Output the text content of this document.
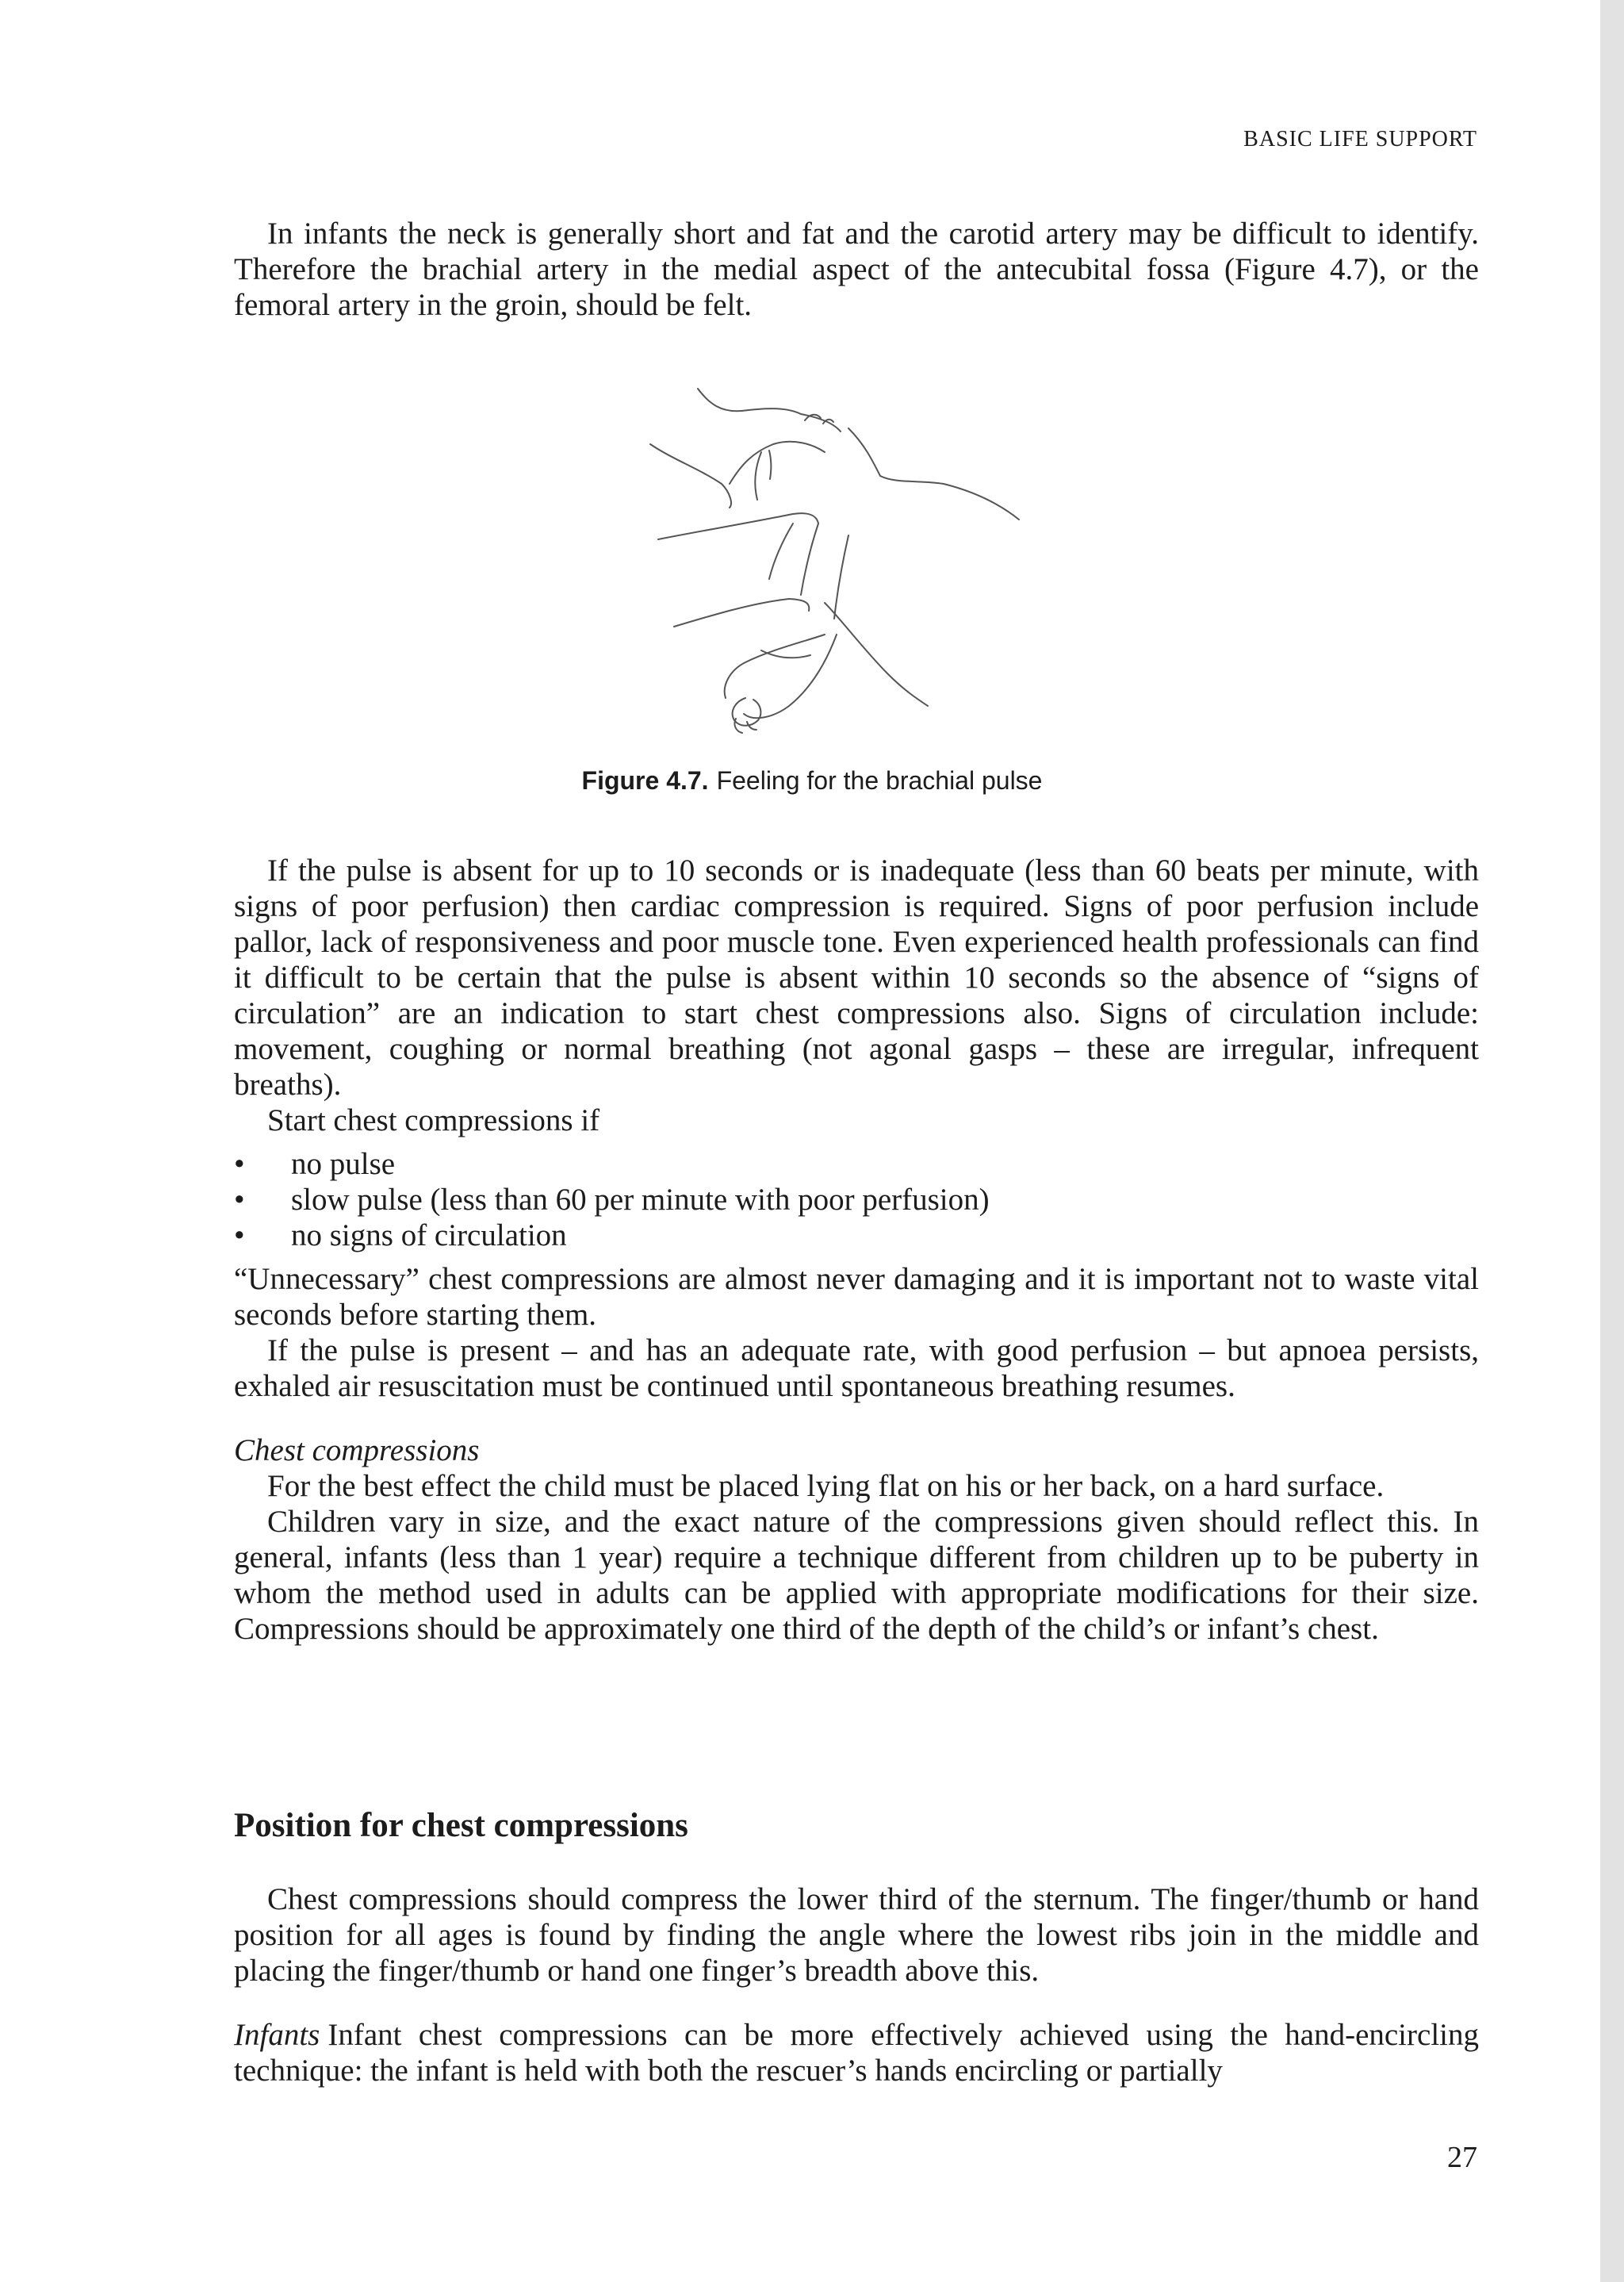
BASIC LIFE SUPPORT

In infants the neck is generally short and fat and the carotid artery may be difficult to identify. Therefore the brachial artery in the medial aspect of the antecubital fossa (Figure 4.7), or the femoral artery in the groin, should be felt.

Figure 4.7. Feeling for the brachial pulse

If the pulse is absent for up to 10 seconds or is inadequate (less than 60 beats per minute, with signs of poor perfusion) then cardiac compression is required. Signs of poor perfusion include pallor, lack of responsiveness and poor muscle tone. Even experienced health professionals can find it difficult to be certain that the pulse is absent within 10 seconds so the absence of “signs of circulation” are an indication to start chest compressions also. Signs of circulation include: movement, coughing or normal breathing (not agonal gasps – these are irregular, infrequent breaths).

Start chest compressions if

• no pulse
• slow pulse (less than 60 per minute with poor perfusion)
• no signs of circulation

“Unnecessary” chest compressions are almost never damaging and it is important not to waste vital seconds before starting them.

If the pulse is present – and has an adequate rate, with good perfusion – but apnoea persists, exhaled air resuscitation must be continued until spontaneous breathing resumes.

Chest compressions

For the best effect the child must be placed lying flat on his or her back, on a hard surface.

Children vary in size, and the exact nature of the compressions given should reflect this. In general, infants (less than 1 year) require a technique different from children up to be puberty in whom the method used in adults can be applied with appropriate modifications for their size. Compressions should be approximately one third of the depth of the child’s or infant’s chest.

Position for chest compressions

Chest compressions should compress the lower third of the sternum. The finger/thumb or hand position for all ages is found by finding the angle where the lowest ribs join in the middle and placing the finger/thumb or hand one finger’s breadth above this.

Infants Infant chest compressions can be more effectively achieved using the hand-encircling technique: the infant is held with both the rescuer’s hands encircling or partially

27
